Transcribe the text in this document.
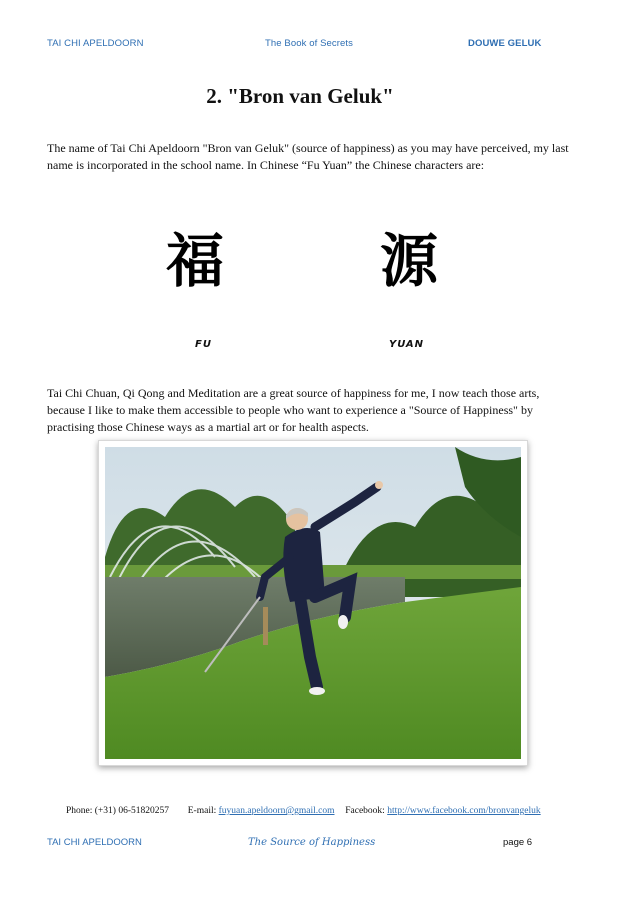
TAI CHI APELDOORN	The Book of Secrets	DOUWE GELUK
2. "Bron van Geluk"

The name of Tai Chi Apeldoorn "Bron van Geluk" (source of happiness) as you may have perceived, my last name is incorporated in the school name. In Chinese “Fu Yuan” the Chinese characters are:

福	源
FU	YUAN

Tai Chi Chuan, Qi Qong and Meditation are a great source of happiness for me, I now teach those arts, because I like to make them accessible to people who want to experience a "Source of Happiness" by practising those Chinese ways as a martial art or for health aspects.

Phone: (+31) 06-51820257 E-mail: fuyuan.apeldoorn@gmail.com Facebook: http://www.facebook.com/bronvangeluk
TAI CHI APELDOORN	The Source of Happiness	page 6
